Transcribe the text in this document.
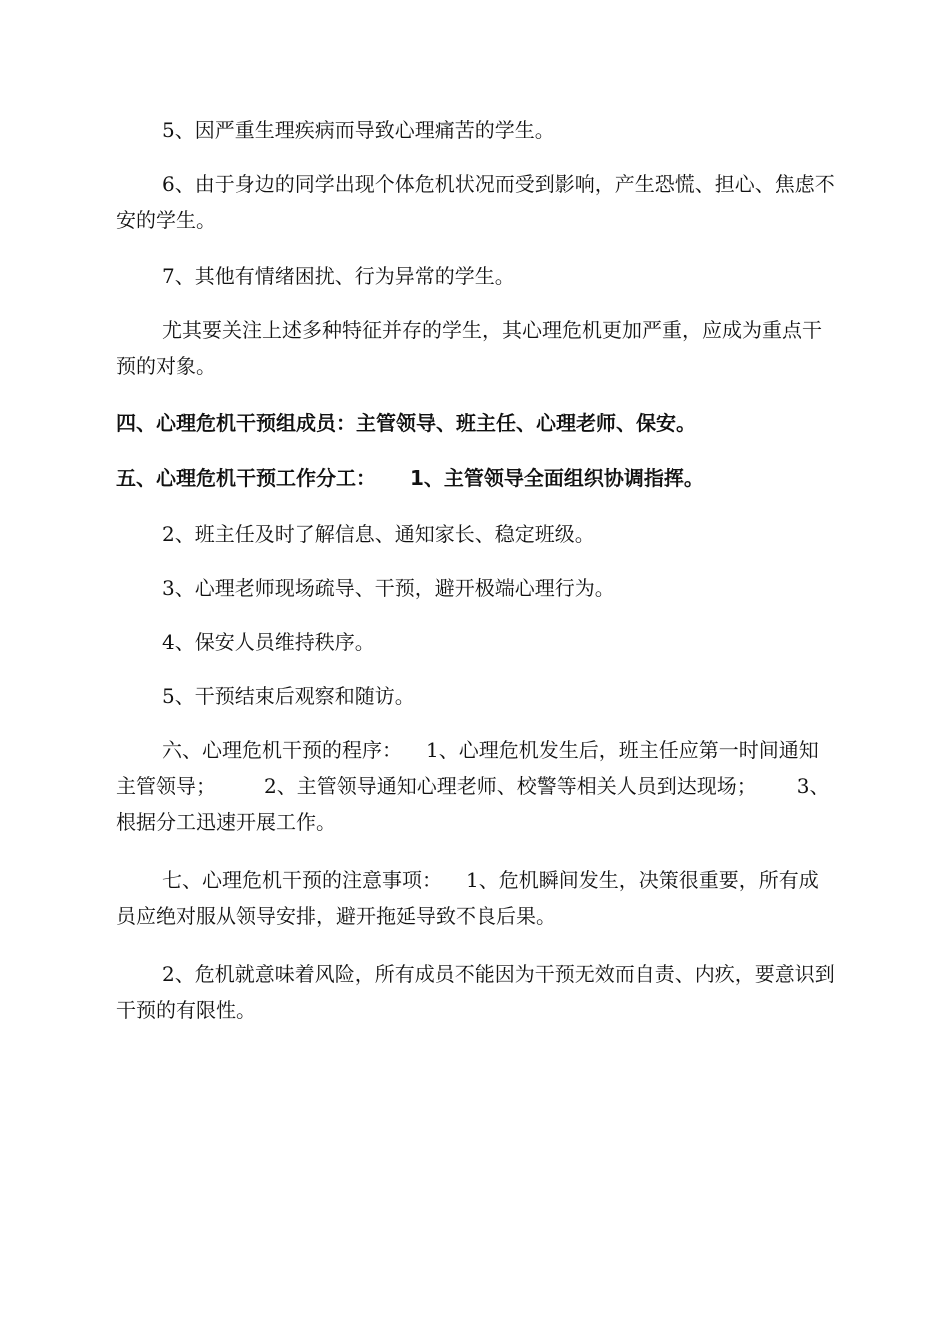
5、因严重生理疾病而导致心理痛苦的学生。

6、由于身边的同学出现个体危机状况而受到影响，产生恐慌、担心、焦虑不安的学生。

7、其他有情绪困扰、行为异常的学生。

尤其要关注上述多种特征并存的学生，其心理危机更加严重，应成为重点干预的对象。

四、心理危机干预组成员：主管领导、班主任、心理老师、保安。

五、心理危机干预工作分工： 1、主管领导全面组织协调指挥。

2、班主任及时了解信息、通知家长、稳定班级。

3、心理老师现场疏导、干预，避开极端心理行为。

4、保安人员维持秩序。

5、干预结束后观察和随访。

六、心理危机干预的程序： 1、心理危机发生后，班主任应第一时间通知主管领导； 2、主管领导通知心理老师、校警等相关人员到达现场； 3、根据分工迅速开展工作。

七、心理危机干预的注意事项： 1、危机瞬间发生，决策很重要，所有成员应绝对服从领导安排，避开拖延导致不良后果。

2、危机就意味着风险，所有成员不能因为干预无效而自责、内疚，要意识到干预的有限性。
